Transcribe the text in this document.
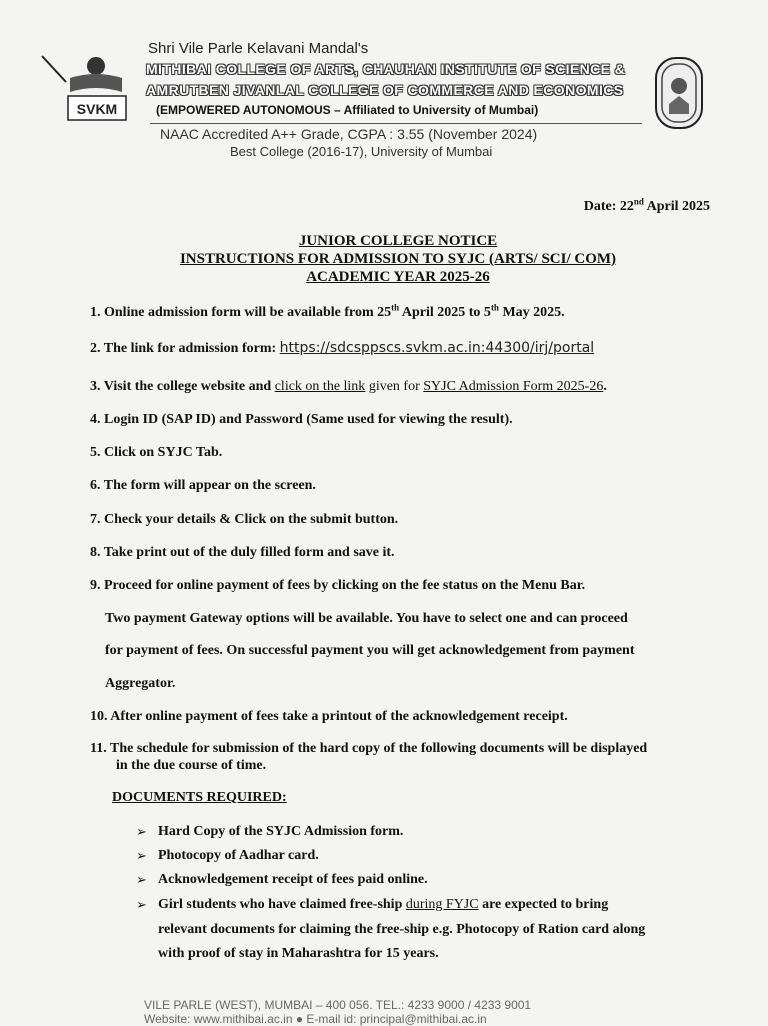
SVKM
Shri Vile Parle Kelavani Mandal's
MITHIBAI COLLEGE OF ARTS, CHAUHAN INSTITUTE OF SCIENCE &
AMRUTBEN JIVANLAL COLLEGE OF COMMERCE AND ECONOMICS
(EMPOWERED AUTONOMOUS – Affiliated to University of Mumbai)
NAAC Accredited A++ Grade, CGPA : 3.55 (November 2024)
Best College (2016-17), University of Mumbai
Date: 22nd April 2025
JUNIOR COLLEGE NOTICE
INSTRUCTIONS FOR ADMISSION TO SYJC (ARTS/ SCI/ COM)
ACADEMIC YEAR 2025-26
1. Online admission form will be available from 25th April 2025 to 5th May 2025.
2. The link for admission form: https://sdcsppscs.svkm.ac.in:44300/irj/portal
3. Visit the college website and click on the link given for SYJC Admission Form 2025-26.
4. Login ID (SAP ID) and Password (Same used for viewing the result).
5. Click on SYJC Tab.
6. The form will appear on the screen.
7. Check your details & Click on the submit button.
8. Take print out of the duly filled form and save it.
9. Proceed for online payment of fees by clicking on the fee status on the Menu Bar.
Two payment Gateway options will be available. You have to select one and can proceed
for payment of fees. On successful payment you will get acknowledgement from payment
Aggregator.
10. After online payment of fees take a printout of the acknowledgement receipt.
11. The schedule for submission of the hard copy of the following documents will be displayed
in the due course of time.
DOCUMENTS REQUIRED:
➢ Hard Copy of the SYJC Admission form.
➢ Photocopy of Aadhar card.
➢ Acknowledgement receipt of fees paid online.
➢ Girl students who have claimed free-ship during FYJC are expected to bring
relevant documents for claiming the free-ship e.g. Photocopy of Ration card along
with proof of stay in Maharashtra for 15 years.
VILE PARLE (WEST), MUMBAI – 400 056. TEL.: 4233 9000 / 4233 9001
Website: www.mithibai.ac.in ● E-mail id: principal@mithibai.ac.in
